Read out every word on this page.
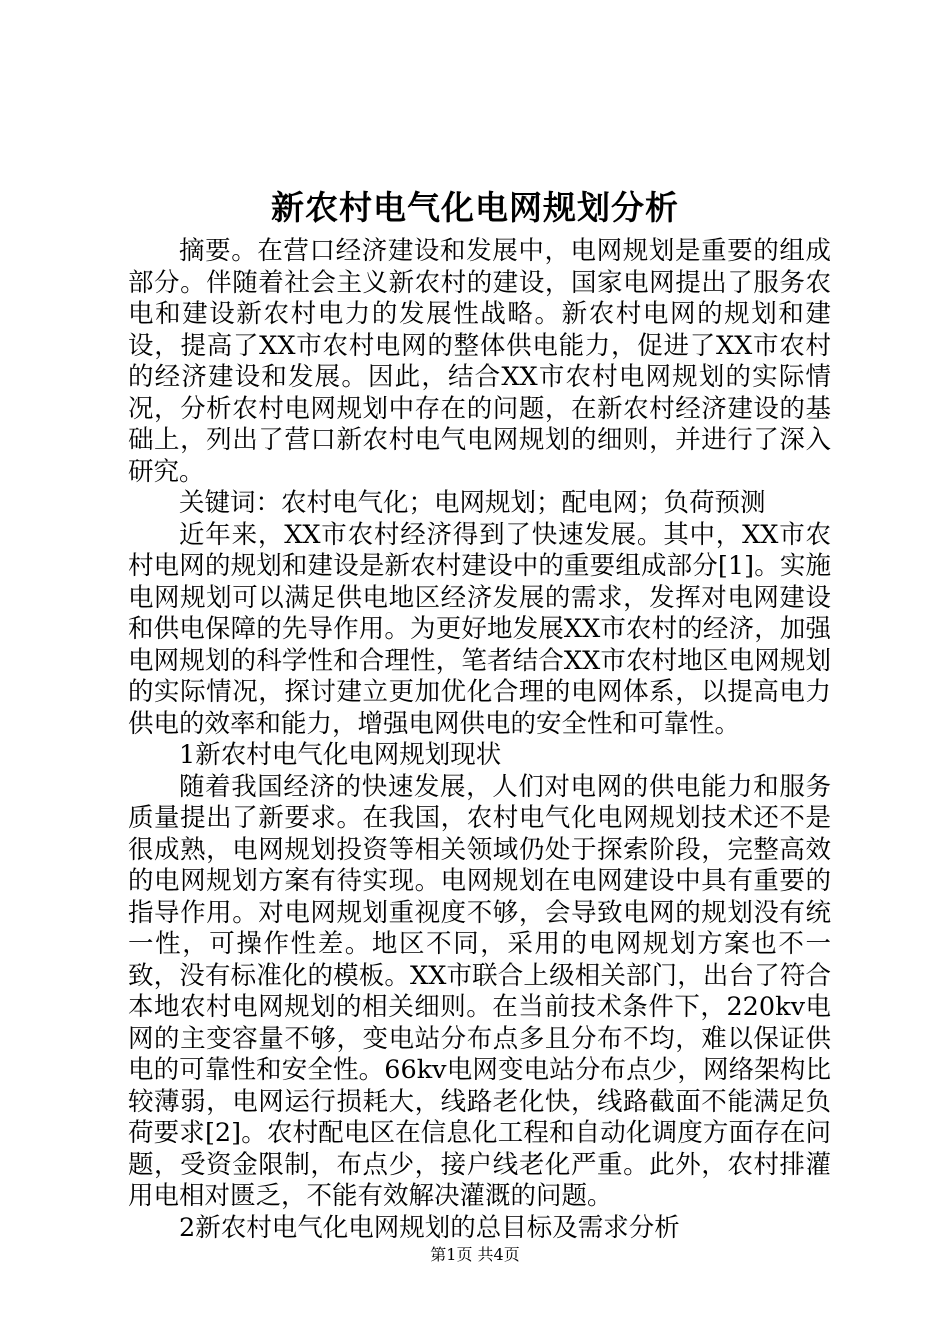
新农村电气化电网规划分析

摘要。在营口经济建设和发展中，电网规划是重要的组成部分。伴随着社会主义新农村的建设，国家电网提出了服务农电和建设新农村电力的发展性战略。新农村电网的规划和建设，提高了XX市农村电网的整体供电能力，促进了XX市农村的经济建设和发展。因此，结合XX市农村电网规划的实际情况，分析农村电网规划中存在的问题，在新农村经济建设的基础上，列出了营口新农村电气电网规划的细则，并进行了深入研究。

关键词：农村电气化；电网规划；配电网；负荷预测

近年来，XX市农村经济得到了快速发展。其中，XX市农村电网的规划和建设是新农村建设中的重要组成部分[1]。实施电网规划可以满足供电地区经济发展的需求，发挥对电网建设和供电保障的先导作用。为更好地发展XX市农村的经济，加强电网规划的科学性和合理性，笔者结合XX市农村地区电网规划的实际情况，探讨建立更加优化合理的电网体系，以提高电力供电的效率和能力，增强电网供电的安全性和可靠性。

1新农村电气化电网规划现状

随着我国经济的快速发展，人们对电网的供电能力和服务质量提出了新要求。在我国，农村电气化电网规划技术还不是很成熟，电网规划投资等相关领域仍处于探索阶段，完整高效的电网规划方案有待实现。电网规划在电网建设中具有重要的指导作用。对电网规划重视度不够，会导致电网的规划没有统一性，可操作性差。地区不同，采用的电网规划方案也不一致，没有标准化的模板。XX市联合上级相关部门，出台了符合本地农村电网规划的相关细则。在当前技术条件下，220kv电网的主变容量不够，变电站分布点多且分布不均，难以保证供电的可靠性和安全性。66kv电网变电站分布点少，网络架构比较薄弱，电网运行损耗大，线路老化快，线路截面不能满足负荷要求[2]。农村配电区在信息化工程和自动化调度方面存在问题，受资金限制，布点少，接户线老化严重。此外，农村排灌用电相对匮乏，不能有效解决灌溉的问题。

2新农村电气化电网规划的总目标及需求分析

第1页 共4页
